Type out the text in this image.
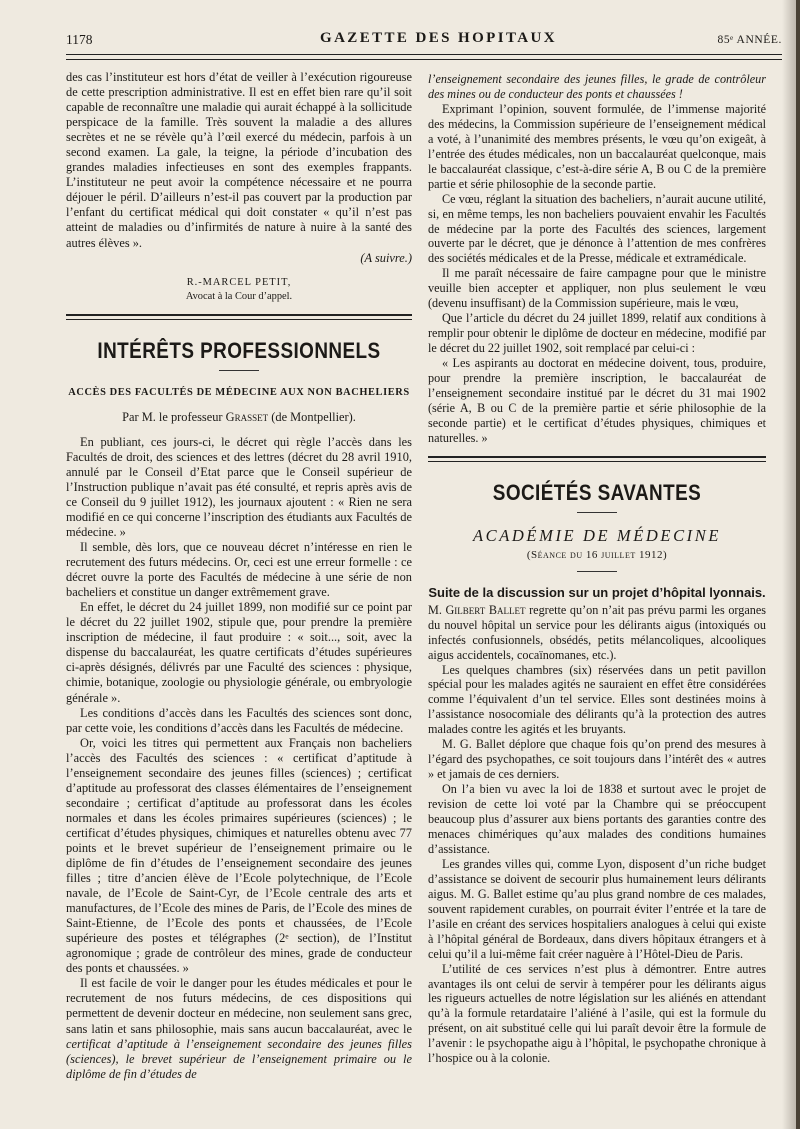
1178	GAZETTE DES HOPITAUX	85ᵉ ANNÉE.

des cas l’instituteur est hors d’état de veiller à l’exécution rigoureuse de cette prescription administrative. Il est en effet bien rare qu’il soit capable de reconnaître une maladie qui aurait échappé à la sollicitude perspicace de la famille. Très souvent la maladie a des allures secrètes et ne se révèle qu’à l’œil exercé du médecin, parfois à un second examen. La gale, la teigne, la période d’incubation des grandes maladies infectieuses en sont des exemples frappants. L’instituteur ne peut avoir la compétence nécessaire et ne pourra déjouer le péril. D’ailleurs n’est-il pas couvert par la production par l’enfant du certificat médical qui doit constater « qu’il n’est pas atteint de maladies ou d’infirmités de nature à nuire à la santé des autres élèves ».

(A suivre.)

R.-MARCEL PETIT,
Avocat à la Cour d’appel.
INTÉRÊTS PROFESSIONNELS
ACCÈS DES FACULTÉS DE MÉDECINE AUX NON BACHELIERS
Par M. le professeur Grasset (de Montpellier).

En publiant, ces jours-ci, le décret qui règle l’accès dans les Facultés de droit, des sciences et des lettres (décret du 28 avril 1910, annulé par le Conseil d’Etat parce que le Conseil supérieur de l’Instruction publique n’avait pas été consulté, et repris après avis de ce Conseil du 9 juillet 1912), les journaux ajoutent : « Rien ne sera modifié en ce qui concerne l’inscription des étudiants aux Facultés de médecine. »

Il semble, dès lors, que ce nouveau décret n’intéresse en rien le recrutement des futurs médecins. Or, ceci est une erreur formelle : ce décret ouvre la porte des Facultés de médecine à une série de non bacheliers et constitue un danger extrêmement grave.

En effet, le décret du 24 juillet 1899, non modifié sur ce point par le décret du 22 juillet 1902, stipule que, pour prendre la première inscription de médecine, il faut produire : « soit..., soit, avec la dispense du baccalauréat, les quatre certificats d’études supérieures ci-après désignés, délivrés par une Faculté des sciences : physique, chimie, botanique, zoologie ou physiologie générale, ou embryologie générale ».

Les conditions d’accès dans les Facultés des sciences sont donc, par cette voie, les conditions d’accès dans les Facultés de médecine.

Or, voici les titres qui permettent aux Français non bacheliers l’accès des Facultés des sciences : « certificat d’aptitude à l’enseignement secondaire des jeunes filles (sciences) ; certificat d’aptitude au professorat des classes élémentaires de l’enseignement secondaire ; certificat d’aptitude au professorat dans les écoles normales et dans les écoles primaires supérieures (sciences) ; le certificat d’études physiques, chimiques et naturelles obtenu avec 77 points et le brevet supérieur de l’enseignement primaire ou le diplôme de fin d’études de l’enseignement secondaire des jeunes filles ; titre d’ancien élève de l’Ecole polytechnique, de l’Ecole navale, de l’Ecole de Saint-Cyr, de l’Ecole centrale des arts et manufactures, de l’Ecole des mines de Paris, de l’Ecole des mines de Saint-Etienne, de l’Ecole des ponts et chaussées, de l’Ecole supérieure des postes et télégraphes (2ᵉ section), de l’Institut agronomique ; grade de contrôleur des mines, grade de conducteur des ponts et chaussées. »

Il est facile de voir le danger pour les études médicales et pour le recrutement de nos futurs médecins, de ces dispositions qui permettent de devenir docteur en médecine, non seulement sans grec, sans latin et sans philosophie, mais sans aucun baccalauréat, avec le certificat d’aptitude à l’enseignement secondaire des jeunes filles (sciences), le brevet supérieur de l’enseignement primaire ou le diplôme de fin d’études de

l’enseignement secondaire des jeunes filles, le grade de contrôleur des mines ou de conducteur des ponts et chaussées !

Exprimant l’opinion, souvent formulée, de l’immense majorité des médecins, la Commission supérieure de l’enseignement médical a voté, à l’unanimité des membres présents, le vœu qu’on exigeât, à l’entrée des études médicales, non un baccalauréat quelconque, mais le baccalauréat classique, c’est-à-dire série A, B ou C de la première partie et série philosophie de la seconde partie.

Ce vœu, réglant la situation des bacheliers, n’aurait aucune utilité, si, en même temps, les non bacheliers pouvaient envahir les Facultés de médecine par la porte des Facultés des sciences, largement ouverte par le décret, que je dénonce à l’attention de mes confrères des sociétés médicales et de la Presse, médicale et extramédicale.

Il me paraît nécessaire de faire campagne pour que le ministre veuille bien accepter et appliquer, non plus seulement le vœu (devenu insuffisant) de la Commission supérieure, mais le vœu,

Que l’article du décret du 24 juillet 1899, relatif aux conditions à remplir pour obtenir le diplôme de docteur en médecine, modifié par le décret du 22 juillet 1902, soit remplacé par celui-ci :

« Les aspirants au doctorat en médecine doivent, tous, produire, pour prendre la première inscription, le baccalauréat de l’enseignement secondaire institué par le décret du 31 mai 1902 (série A, B ou C de la première partie et série philosophie de la seconde partie) et le certificat d’études physiques, chimiques et naturelles. »

SOCIÉTÉS SAVANTES
ACADÉMIE DE MÉDECINE
(Séance du 16 juillet 1912)
Suite de la discussion sur un projet d’hôpital lyonnais.

M. Gilbert Ballet regrette qu’on n’ait pas prévu parmi les organes du nouvel hôpital un service pour les délirants aigus (intoxiqués ou infectés confusionnels, obsédés, petits mélancoliques, alcooliques aigus accidentels, cocaïnomanes, etc.).

Les quelques chambres (six) réservées dans un petit pavillon spécial pour les malades agités ne sauraient en effet être considérées comme l’équivalent d’un tel service. Elles sont destinées moins à l’assistance nosocomiale des délirants qu’à la protection des autres malades contre les agités et les bruyants.

M. G. Ballet déplore que chaque fois qu’on prend des mesures à l’égard des psychopathes, ce soit toujours dans l’intérêt des « autres » et jamais de ces derniers.

On l’a bien vu avec la loi de 1838 et surtout avec le projet de revision de cette loi voté par la Chambre qui se préoccupent beaucoup plus d’assurer aux biens portants des garanties contre des menaces chimériques qu’aux malades des conditions humaines d’assistance.

Les grandes villes qui, comme Lyon, disposent d’un riche budget d’assistance se doivent de secourir plus humainement leurs délirants aigus. M. G. Ballet estime qu’au plus grand nombre de ces malades, souvent rapidement curables, on pourrait éviter l’entrée et la tare de l’asile en créant des services hospitaliers analogues à celui qui existe à l’hôpital général de Bordeaux, dans divers hôpitaux étrangers et à celui qu’il a lui-même fait créer naguère à l’Hôtel-Dieu de Paris.

L’utilité de ces services n’est plus à démontrer. Entre autres avantages ils ont celui de servir à tempérer pour les délirants aigus les rigueurs actuelles de notre législation sur les aliénés en attendant qu’à la formule retardataire l’aliéné à l’asile, qui est la formule du présent, on ait substitué celle qui lui paraît devoir être la formule de l’avenir : le psychopathe aigu à l’hôpital, le psychopathe chronique à l’hospice ou à la colonie.
